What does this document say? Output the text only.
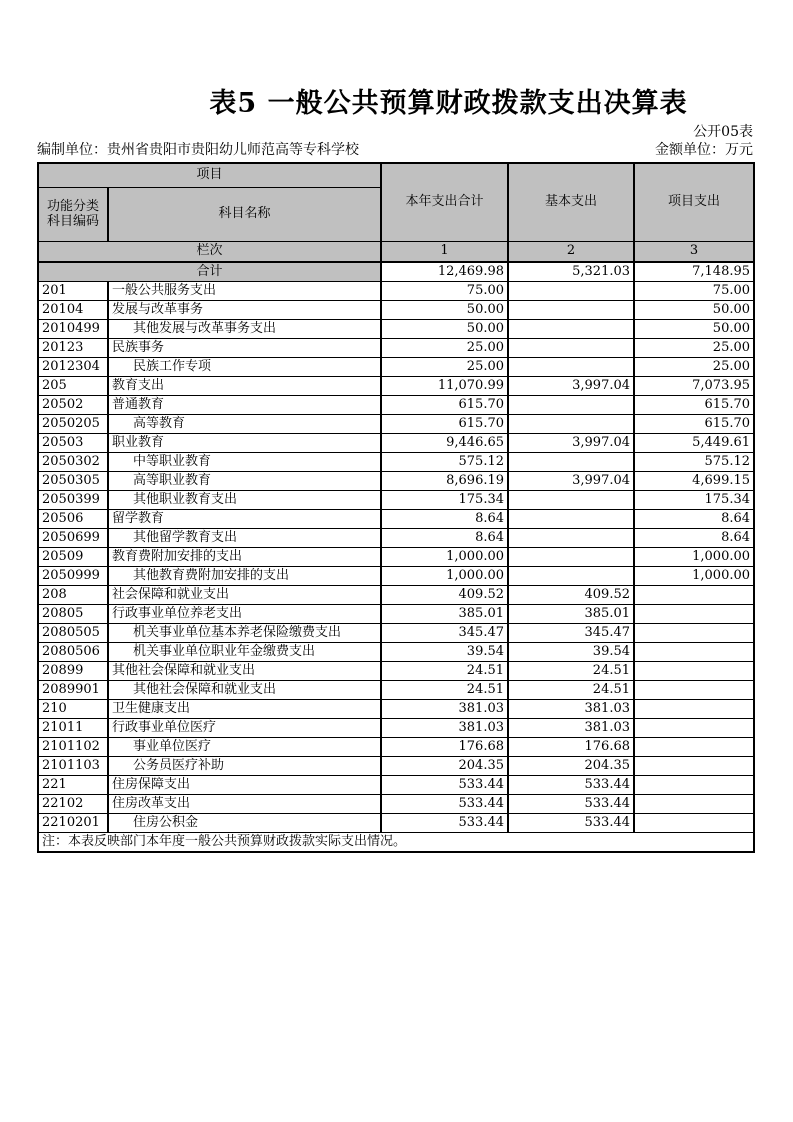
表5 一般公共预算财政拨款支出决算表
公开05表
编制单位：贵州省贵阳市贵阳幼儿师范高等专科学校	金额单位：万元
项目		本年支出合计	基本支出	项目支出

功能分类
科目编码	科目名称			
栏次		1	2	3
合计		12,469.98	5,321.03	7,148.95
201	一般公共服务支出	75.00		75.00
20104	发展与改革事务	50.00		50.00
2010499	其他发展与改革事务支出	50.00		50.00
20123	民族事务	25.00		25.00
2012304	民族工作专项	25.00		25.00
205	教育支出	11,070.99	3,997.04	7,073.95
20502	普通教育	615.70		615.70
2050205	高等教育	615.70		615.70
20503	职业教育	9,446.65	3,997.04	5,449.61
2050302	中等职业教育	575.12		575.12
2050305	高等职业教育	8,696.19	3,997.04	4,699.15
2050399	其他职业教育支出	175.34		175.34
20506	留学教育	8.64		8.64
2050699	其他留学教育支出	8.64		8.64
20509	教育费附加安排的支出	1,000.00		1,000.00
2050999	其他教育费附加安排的支出	1,000.00		1,000.00
208	社会保障和就业支出	409.52	409.52	
20805	行政事业单位养老支出	385.01	385.01	
2080505	机关事业单位基本养老保险缴费支出	345.47	345.47	
2080506	机关事业单位职业年金缴费支出	39.54	39.54	
20899	其他社会保障和就业支出	24.51	24.51	
2089901	其他社会保障和就业支出	24.51	24.51	
210	卫生健康支出	381.03	381.03	
21011	行政事业单位医疗	381.03	381.03	
2101102	事业单位医疗	176.68	176.68	
2101103	公务员医疗补助	204.35	204.35	
221	住房保障支出	533.44	533.44	
22102	住房改革支出	533.44	533.44	
2210201	住房公积金	533.44	533.44	
注：本表反映部门本年度一般公共预算财政拨款实际支出情况。				
